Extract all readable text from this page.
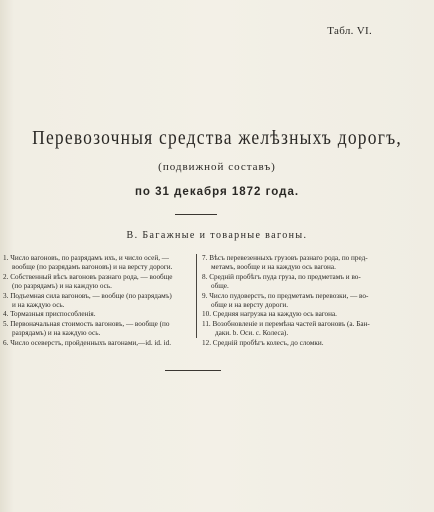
Табл. VI.
Перевозочныя средства желѣзныхъ дорогъ,
(подвижной составъ)
по 31 декабря 1872 года.
В. Багажные и товарные вагоны.
1. Число вагоновъ, по разрядамъ ихъ, и число осей, —
вообще (по разрядамъ вагоновъ) и на версту дороги.
2. Собственный вѣсъ вагоновъ разнаго рода, — вообще
(по разрядамъ) и на каждую ось.
3. Подъемная сила вагоновъ, — вообще (по разрядамъ)
и на каждую ось.
4. Тормазныя приспособленія.
5. Первоначальная стоимость вагоновъ, — вообще (по
разрядамъ) и на каждую ось.
6. Число осеверстъ, пройденныхъ вагонами,—id. id. id.
7. Вѣсъ перевезенныхъ грузовъ разнаго рода, по пред-
метамъ, вообще и на каждую ось вагона.
8. Средній пробѣгъ пуда груза, по предметамъ и во-
обще.
9. Число пудоверстъ, по предметамъ перевозки, — во-
обще и на версту дороги.
10. Средняя нагрузка на каждую ось вагона.
11. Возобновленіе и перемѣна частей вагоновъ (а. Бан-
даки. b. Оси. c. Колеса).
12. Средній пробѣгъ колесъ, до сломки.
